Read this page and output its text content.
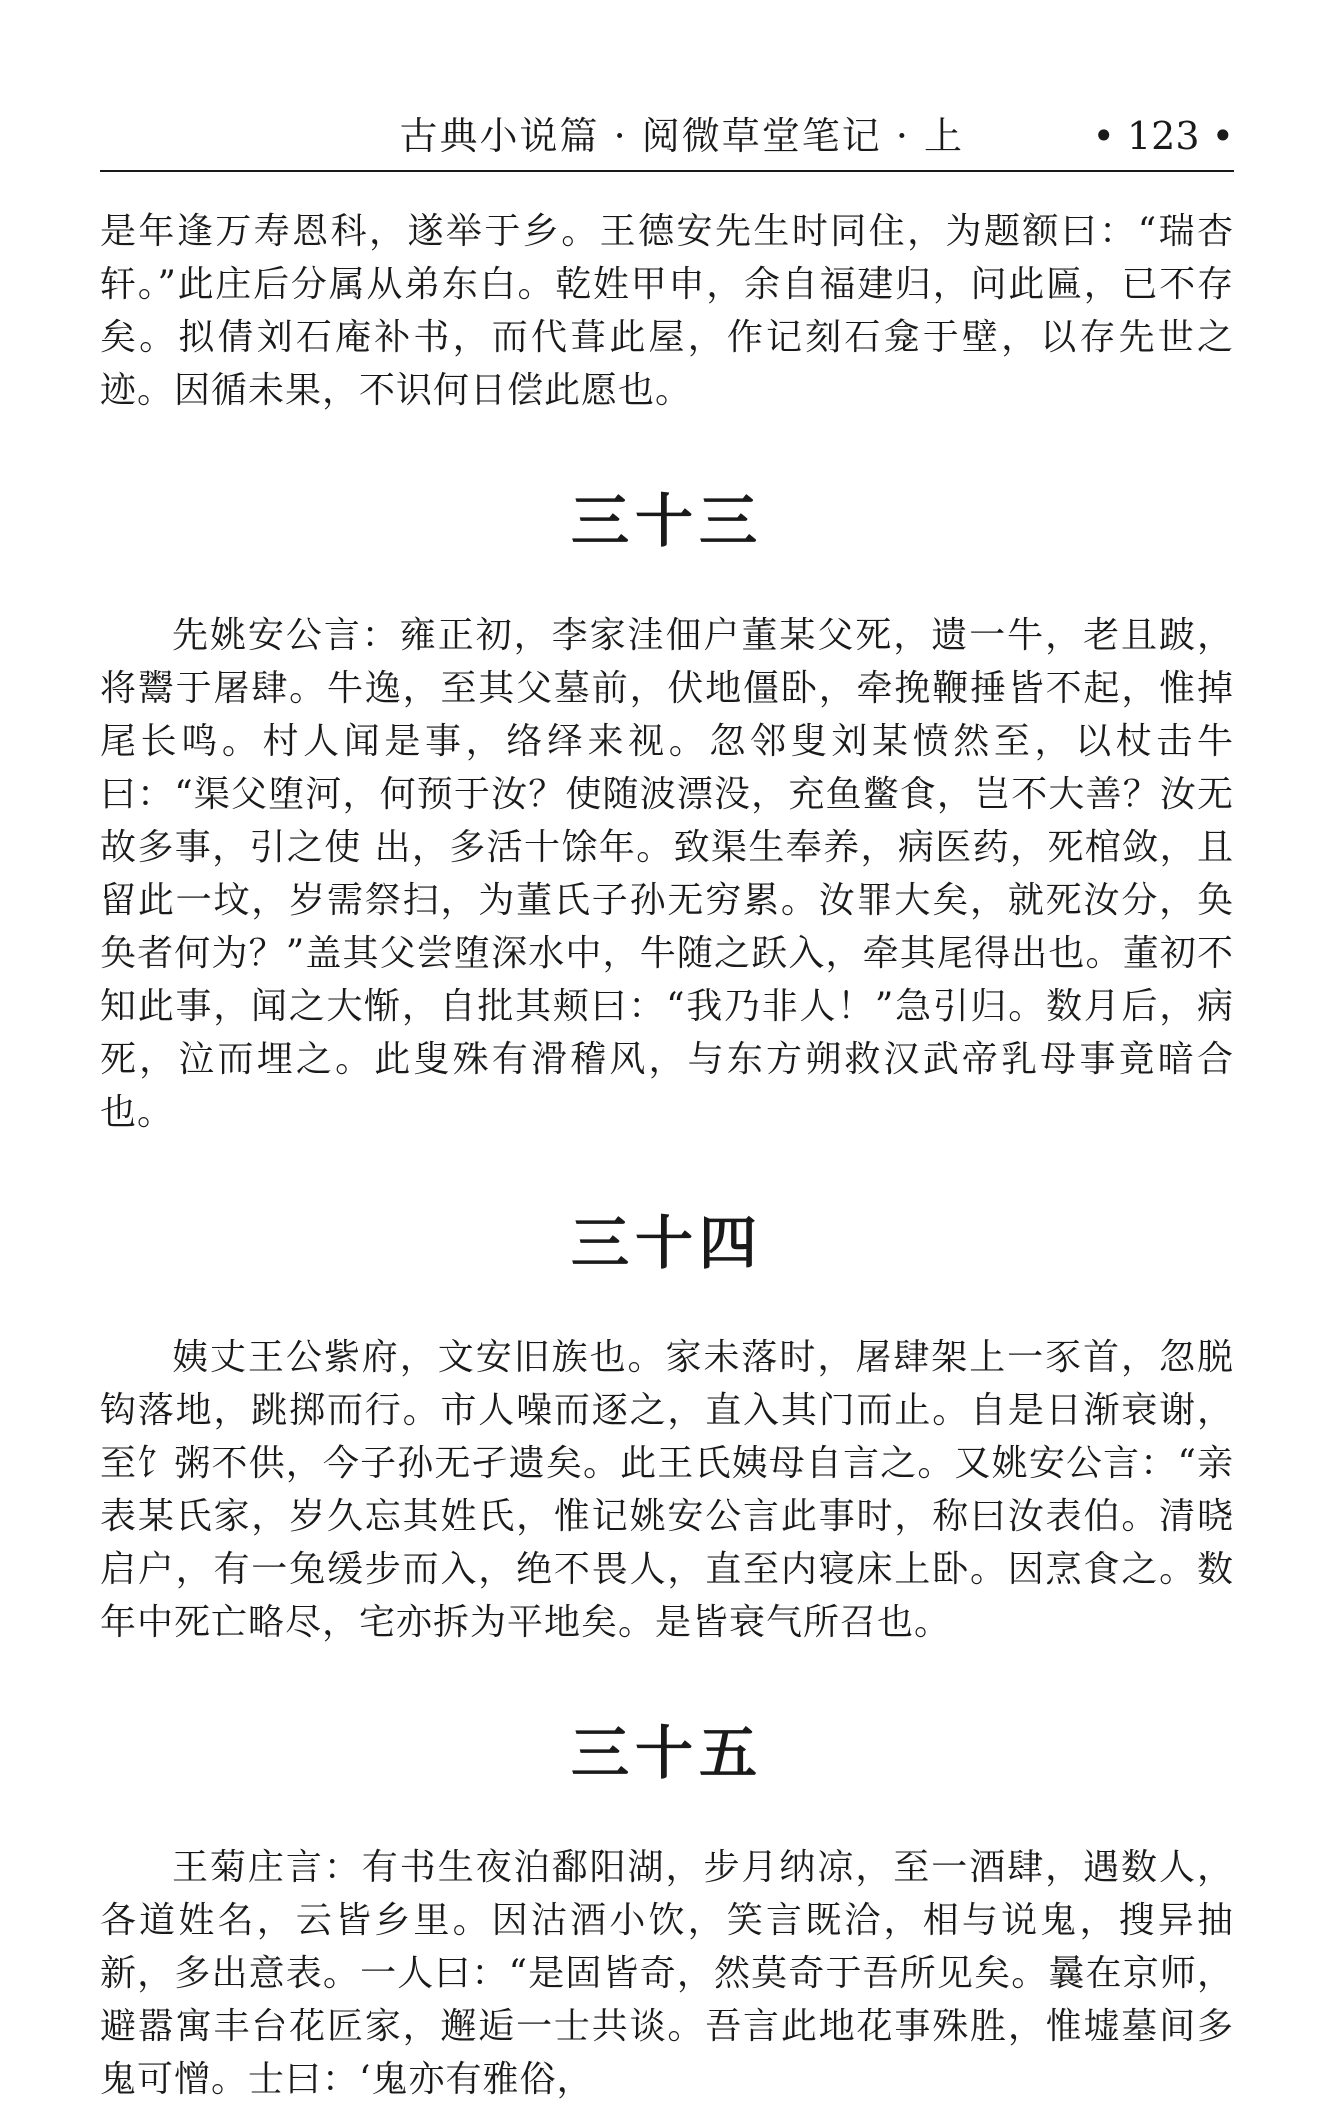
古典小说篇 · 阅微草堂笔记 · 上	• 123 •

是年逢万寿恩科，遂举于乡。王德安先生时同住，为题额曰：“瑞杏轩。”此庄后分属从弟东白。乾姓甲申，余自福建归，问此匾，已不存矣。拟倩刘石庵补书，而代葺此屋，作记刻石龛于壁，以存先世之迹。因循未果，不识何日偿此愿也。

三十三

先姚安公言：雍正初，李家洼佃户董某父死，遗一牛，老且跛，将鬻于屠肆。牛逸，至其父墓前，伏地僵卧，牵挽鞭捶皆不起，惟掉尾长鸣。村人闻是事，络绎来视。忽邻叟刘某愤然至，以杖击牛曰：“渠父堕河，何预于汝？使随波漂没，充鱼鳖食，岂不大善？汝无故多事，引之使 出，多活十馀年。致渠生奉养，病医药，死棺敛，且留此一坟，岁需祭扫，为董氏子孙无穷累。汝罪大矣，就死汝分，奂奂者何为？”盖其父尝堕深水中，牛随之跃入，牵其尾得出也。董初不知此事，闻之大惭，自批其颊曰：“我乃非人！”急引归。数月后，病死，泣而埋之。此叟殊有滑稽风，与东方朔救汉武帝乳母事竟暗合也。

三十四

姨丈王公紫府，文安旧族也。家未落时，屠肆架上一豕首，忽脱钩落地，跳掷而行。市人噪而逐之，直入其门而止。自是日渐衰谢，至饣粥不供，今子孙无孑遗矣。此王氏姨母自言之。又姚安公言：“亲表某氏家，岁久忘其姓氏，惟记姚安公言此事时，称曰汝表伯。清晓启户，有一兔缓步而入，绝不畏人，直至内寝床上卧。因烹食之。数年中死亡略尽，宅亦拆为平地矣。是皆衰气所召也。

三十五

王菊庄言：有书生夜泊鄱阳湖，步月纳凉，至一酒肆，遇数人，各道姓名，云皆乡里。因沽酒小饮，笑言既洽，相与说鬼，搜异抽新，多出意表。一人曰：“是固皆奇，然莫奇于吾所见矣。曩在京师，避嚣寓丰台花匠家，邂逅一士共谈。吾言此地花事殊胜，惟墟墓间多鬼可憎。士曰：‘鬼亦有雅俗，
